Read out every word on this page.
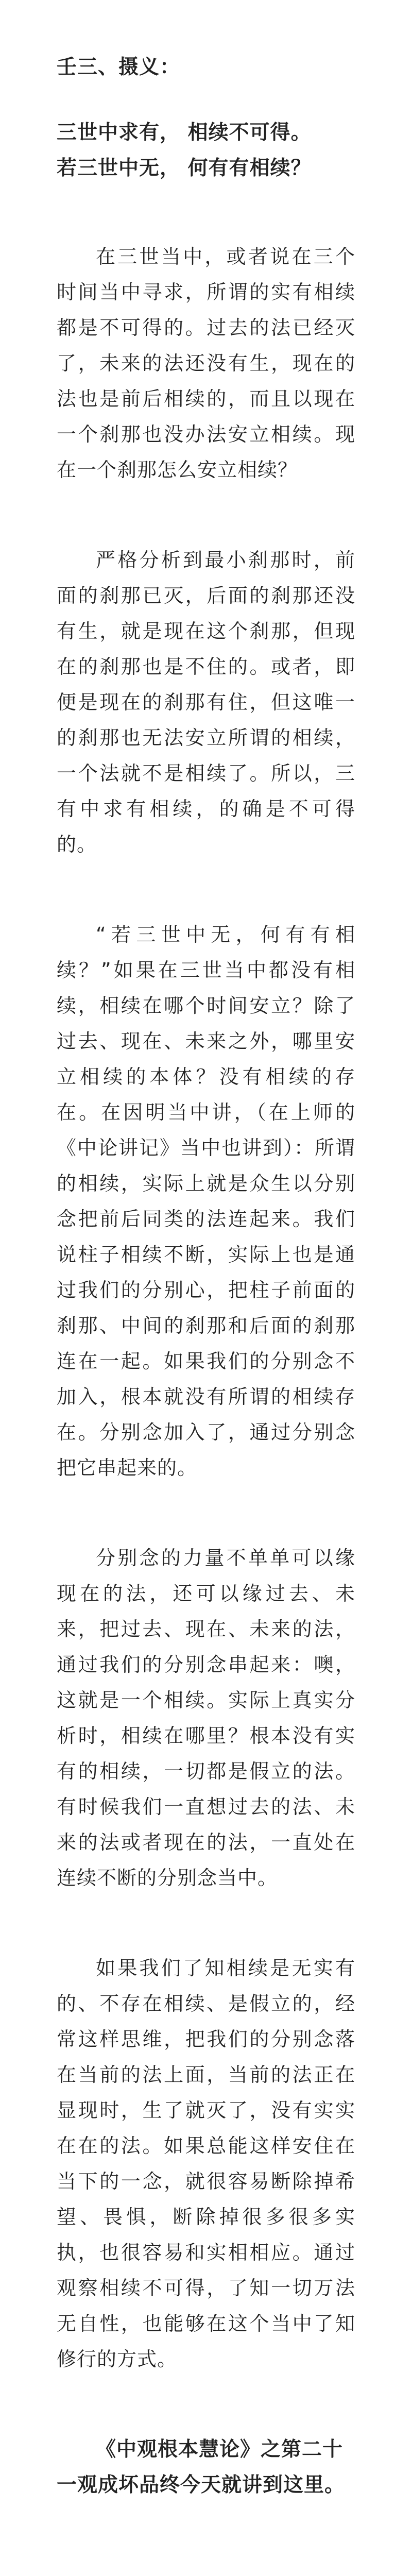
壬三、摄义：
三世中求有， 相续不可得。
若三世中无， 何有有相续？

在三世当中，或者说在三个时间当中寻求，所谓的实有相续都是不可得的。过去的法已经灭了，未来的法还没有生，现在的法也是前后相续的，而且以现在一个刹那也没办法安立相续。现在一个刹那怎么安立相续？

严格分析到最小刹那时，前面的刹那已灭，后面的刹那还没有生，就是现在这个刹那，但现在的刹那也是不住的。或者，即便是现在的刹那有住，但这唯一的刹那也无法安立所谓的相续，一个法就不是相续了。所以，三有中求有相续，的确是不可得的。

“若三世中无，何有有相续？”如果在三世当中都没有相续，相续在哪个时间安立？除了过去、现在、未来之外，哪里安立相续的本体？没有相续的存在。在因明当中讲，（在上师的《中论讲记》当中也讲到）：所谓的相续，实际上就是众生以分别念把前后同类的法连起来。我们说柱子相续不断，实际上也是通过我们的分别心，把柱子前面的刹那、中间的刹那和后面的刹那连在一起。如果我们的分别念不加入，根本就没有所谓的相续存在。分别念加入了，通过分别念把它串起来的。

分别念的力量不单单可以缘现在的法，还可以缘过去、未来，把过去、现在、未来的法，通过我们的分别念串起来：噢，这就是一个相续。实际上真实分析时，相续在哪里？根本没有实有的相续，一切都是假立的法。有时候我们一直想过去的法、未来的法或者现在的法，一直处在连续不断的分别念当中。

如果我们了知相续是无实有的、不存在相续、是假立的，经常这样思维，把我们的分别念落在当前的法上面，当前的法正在显现时，生了就灭了，没有实实在在的法。如果总能这样安住在当下的一念，就很容易断除掉希望、畏惧，断除掉很多很多实执，也很容易和实相相应。通过观察相续不可得，了知一切万法无自性，也能够在这个当中了知修行的方式。

《中观根本慧论》之第二十一观成坏品终今天就讲到这里。
